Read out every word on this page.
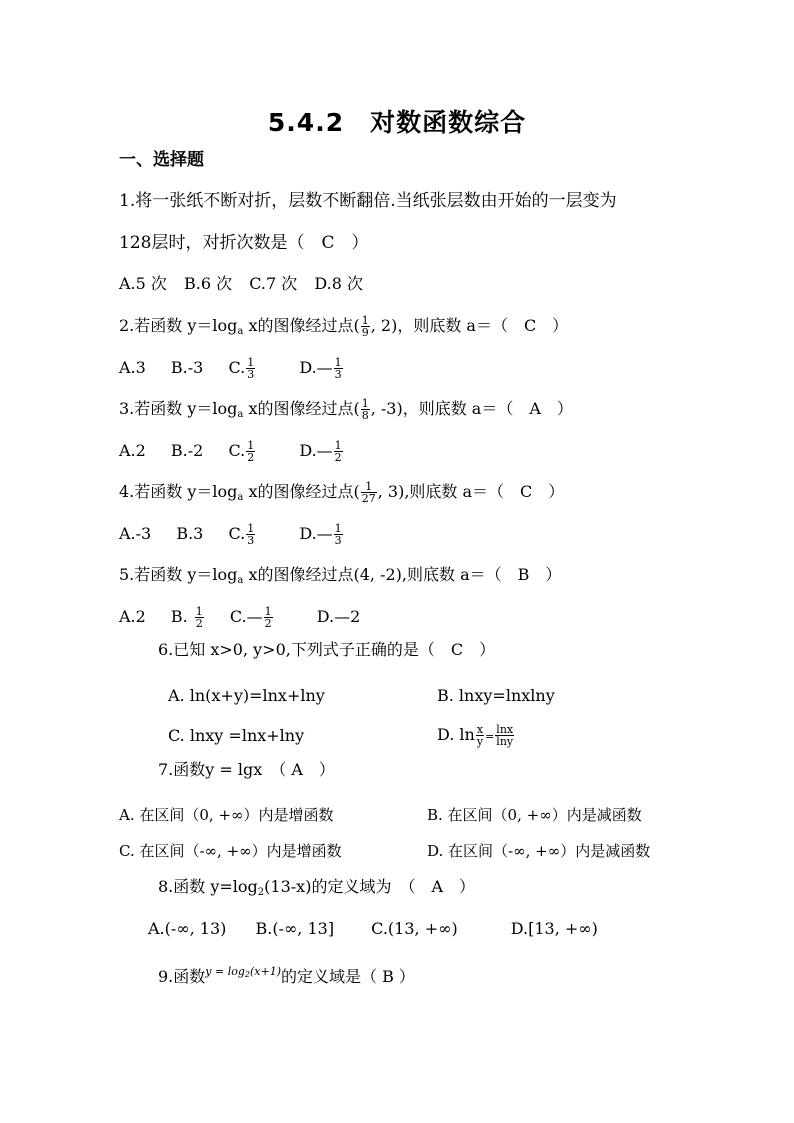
5.4.2　对数函数综合
一、选择题
1.将一张纸不断对折，层数不断翻倍.当纸张层数由开始的一层变为
128层时，对折次数是（　C　）
A.5 次 B.6 次 C.7 次 D.8 次
2.若函数 $y=\log_a$ x的图像经过点( $\frac{1}{9}$ , 2)，则底数 a＝（　C　）
A.3 B.-3 C. $\frac{1}{3}$	D.— $\frac{1}{3}$
3.若函数 $y=\log_a$ x的图像经过点( $\frac{1}{8}$ , -3)，则底数 a＝（　A　）
A.2 B.-2 C. $\frac{1}{2}$	D.— $\frac{1}{2}$
4.若函数 $y=\log_a$ x的图像经过点( $\frac{1}{27}$ , 3),则底数 a＝（　C　）
A.-3 B.3 C. $\frac{1}{3}$	D.— $\frac{1}{3}$
5.若函数 $y=\log_a$ x的图像经过点(4, -2),则底数 a＝（　B　）
A.2 B. $\frac{1}{2}$ C.— $\frac{1}{2}$	D.—2
6.已知 x>0, y>0,下列式子正确的是（　C　）
A. ln(x+y)=lnx+lny	B. lnxy=lnxlny
C. lnxy =lnx+lny	D. $\ln \frac{x}{y} = \frac{\ln x}{\ln y}$
7.函数y = lgx　（ A　）
A. 在区间（0, +∞）内是增函数	B. 在区间（0, +∞）内是减函数
C. 在区间（-∞, +∞）内是增函数	D. 在区间（-∞, +∞）内是减函数
8.函数 $y=\log_2(13-x)$的定义域为　（　A　）
A.(-∞, 13) B.(-∞, 13] C.(13, +∞)	D.[13, +∞)
9.函数$^{y = log2(x+1)}$的定义域是（ B ）
